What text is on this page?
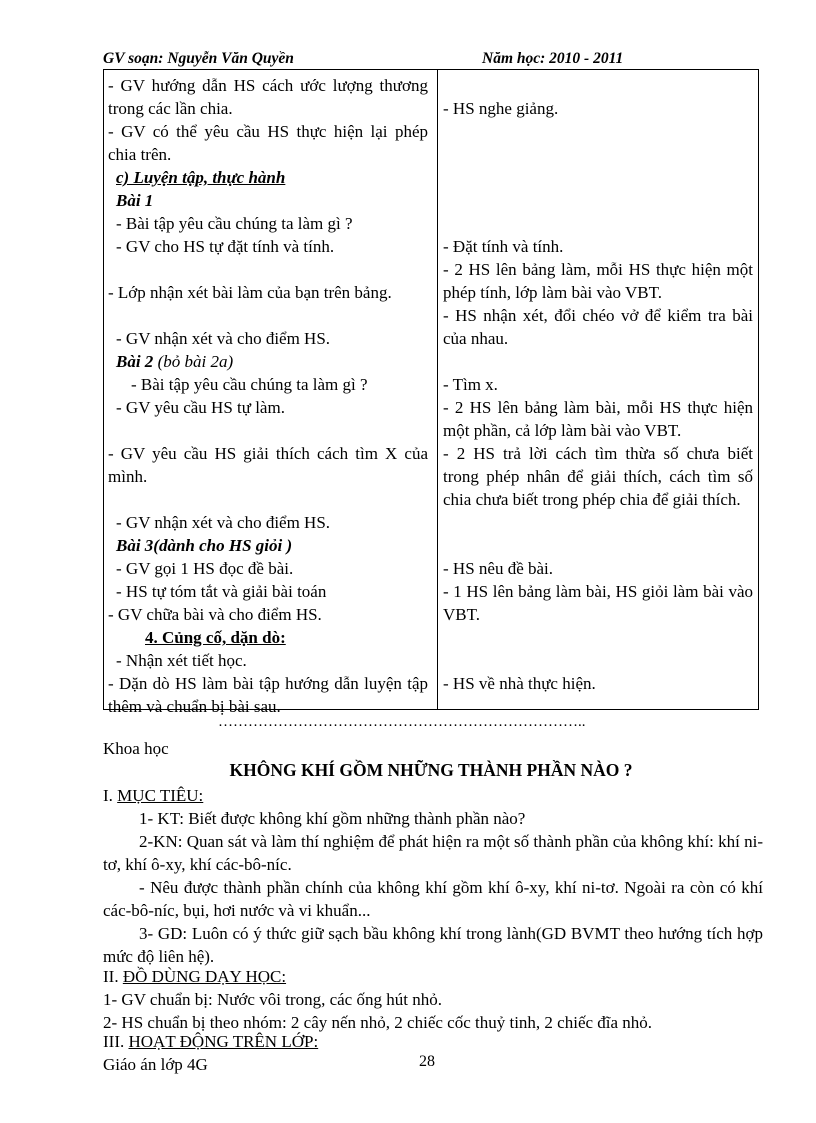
GV soạn: Nguyễn Văn Quyền	Năm học: 2010 - 2011
- GV hướng dẫn HS cách ước lượng thương trong các lần chia.
- GV có thể yêu cầu HS thực hiện lại phép chia trên.
c) Luyện tập, thực hành
Bài 1
- Bài tập yêu cầu chúng ta làm gì ?
- GV cho HS tự đặt tính và tính.
- Lớp nhận xét bài làm của bạn trên bảng.
- GV nhận xét và cho điểm HS.
Bài 2 (bỏ bài 2a)
- Bài tập yêu cầu chúng ta làm gì ?
- GV yêu cầu HS tự làm.
- GV yêu cầu HS giải thích cách tìm X của mình.
- GV nhận xét và cho điểm HS.
Bài 3(dành cho HS giỏi )
- GV gọi 1 HS đọc đề bài.
- HS tự tóm tắt và giải bài toán
- GV chữa bài và cho điểm HS.
4. Củng cố, dặn dò:
- Nhận xét tiết học.
- Dặn dò HS làm bài tập hướng dẫn luyện tập thêm và chuẩn bị bài sau.
- HS nghe giảng.
- Đặt tính và tính.
- 2 HS lên bảng làm, mỗi HS thực hiện một phép tính, lớp làm bài vào VBT.
- HS nhận xét, đổi chéo vở để kiểm tra bài của nhau.
- Tìm x.
- 2 HS lên bảng làm bài, mỗi HS thực hiện một phần, cả lớp làm bài vào VBT.
- 2 HS trả lời cách tìm thừa số chưa biết trong phép nhân để giải thích, cách tìm số chia chưa biết trong phép chia để giải thích.
- HS nêu đề bài.
- 1 HS lên bảng làm bài, HS giỏi làm bài vào VBT.
- HS về nhà thực hiện.
………………………………………………………………..
Khoa học
KHÔNG KHÍ GỒM NHỮNG THÀNH PHẦN NÀO ?
I. MỤC TIÊU:
1- KT: Biết được không khí gồm những thành phần nào?
2-KN: Quan sát và làm thí nghiệm để phát hiện ra một số thành phần của không khí: khí ni- tơ, khí ô-xy, khí các-bô-níc.
- Nêu được thành phần chính của không khí gồm khí ô-xy, khí ni-tơ. Ngoài ra còn có khí các-bô-níc, bụi, hơi nước và vi khuẩn...
3- GD: Luôn có ý thức giữ sạch bầu không khí trong lành(GD BVMT theo hướng tích hợp mức độ liên hệ).
II. ĐỒ DÙNG DẠY HỌC:
1- GV chuẩn bị: Nước vôi trong, các ống hút nhỏ.
2- HS chuẩn bị theo nhóm: 2 cây nến nhỏ, 2 chiếc cốc thuỷ tinh, 2 chiếc đĩa nhỏ.
III. HOẠT ĐỘNG TRÊN LỚP:
Giáo án lớp 4G	28
